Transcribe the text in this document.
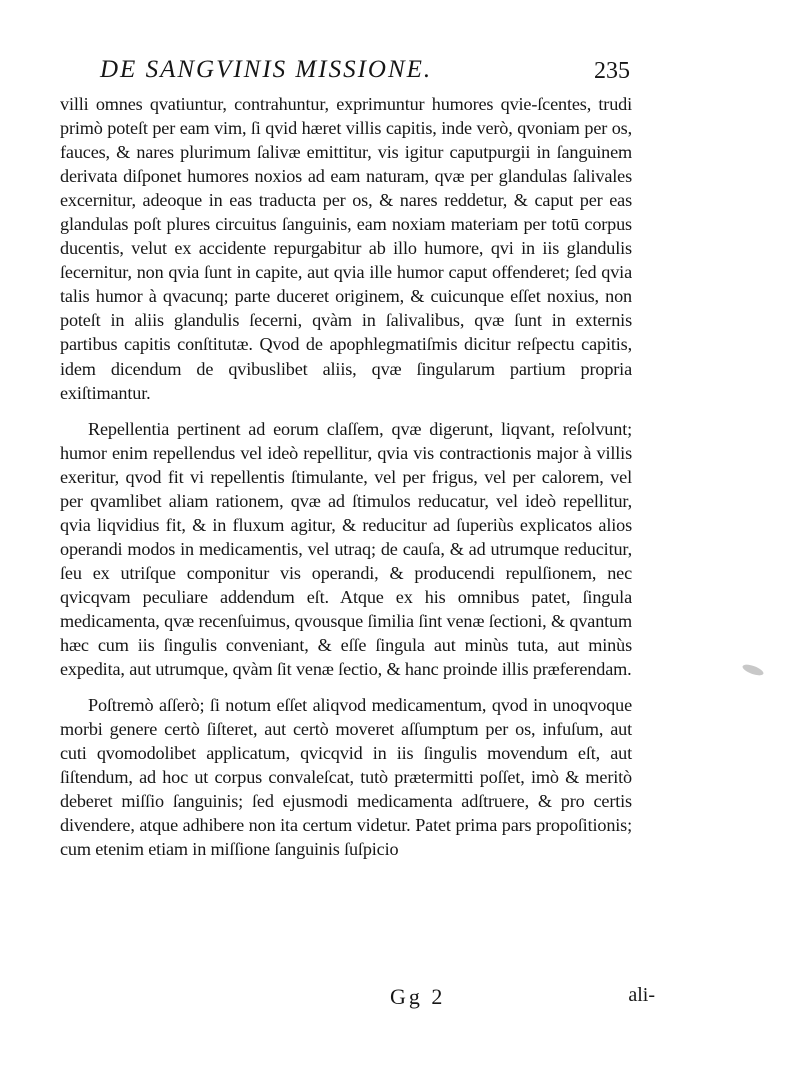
DE SANGVINIS MISSIONE.	235

villi omnes qvatiuntur, contrahuntur, exprimuntur humores qvie-ſcentes, trudi primò poteſt per eam vim, ſi qvid hæret villis capitis, inde verò, qvoniam per os, fauces, & nares plurimum ſalivæ emittitur, vis igitur caputpurgii in ſanguinem derivata diſponet humores noxios ad eam naturam, qvæ per glandulas ſalivales excernitur, adeoque in eas traducta per os, & nares reddetur, & caput per eas glandulas poſt plures circuitus ſanguinis, eam noxiam materiam per totū corpus ducentis, velut ex accidente repurgabitur ab illo humore, qvi in iis glandulis ſecernitur, non qvia ſunt in capite, aut qvia ille humor caput offenderet; ſed qvia talis humor à qvacunq; parte duceret originem, & cuicunque eſſet noxius, non poteſt in aliis glandulis ſecerni, qvàm in ſalivalibus, qvæ ſunt in externis partibus capitis conſtitutæ. Qvod de apophlegmatiſmis dicitur reſpectu capitis, idem dicendum de qvibuslibet aliis, qvæ ſingularum partium propria exiſtimantur.

Repellentia pertinent ad eorum claſſem, qvæ digerunt, liqvant, reſolvunt; humor enim repellendus vel ideò repellitur, qvia vis contractionis major à villis exeritur, qvod fit vi repellentis ſtimulante, vel per frigus, vel per calorem, vel per qvamlibet aliam rationem, qvæ ad ſtimulos reducatur, vel ideò repellitur, qvia liqvidius fit, & in fluxum agitur, & reducitur ad ſuperiùs explicatos alios operandi modos in medicamentis, vel utraq; de cauſa, & ad utrumque reducitur, ſeu ex utriſque componitur vis operandi, & producendi repulſionem, nec qvicqvam peculiare addendum eſt. Atque ex his omnibus patet, ſingula medicamenta, qvæ recenſuimus, qvousque ſimilia ſint venæ ſectioni, & qvantum hæc cum iis ſingulis conveniant, & eſſe ſingula aut minùs tuta, aut minùs expedita, aut utrumque, qvàm ſit venæ ſectio, & hanc proinde illis præferendam.

Poſtremò aſſerò; ſi notum eſſet aliqvod medicamentum, qvod in unoqvoque morbi genere certò ſiſteret, aut certò moveret aſſumptum per os, infuſum, aut cuti qvomodolibet applicatum, qvicqvid in iis ſingulis movendum eſt, aut ſiſtendum, ad hoc ut corpus convaleſcat, tutò prætermitti poſſet, imò & meritò deberet miſſio ſanguinis; ſed ejusmodi medicamenta adſtruere, & pro certis divendere, atque adhibere non ita certum videtur. Patet prima pars propoſitionis; cum etenim etiam in miſſione ſanguinis ſuſpicio

Gg 2	ali-
